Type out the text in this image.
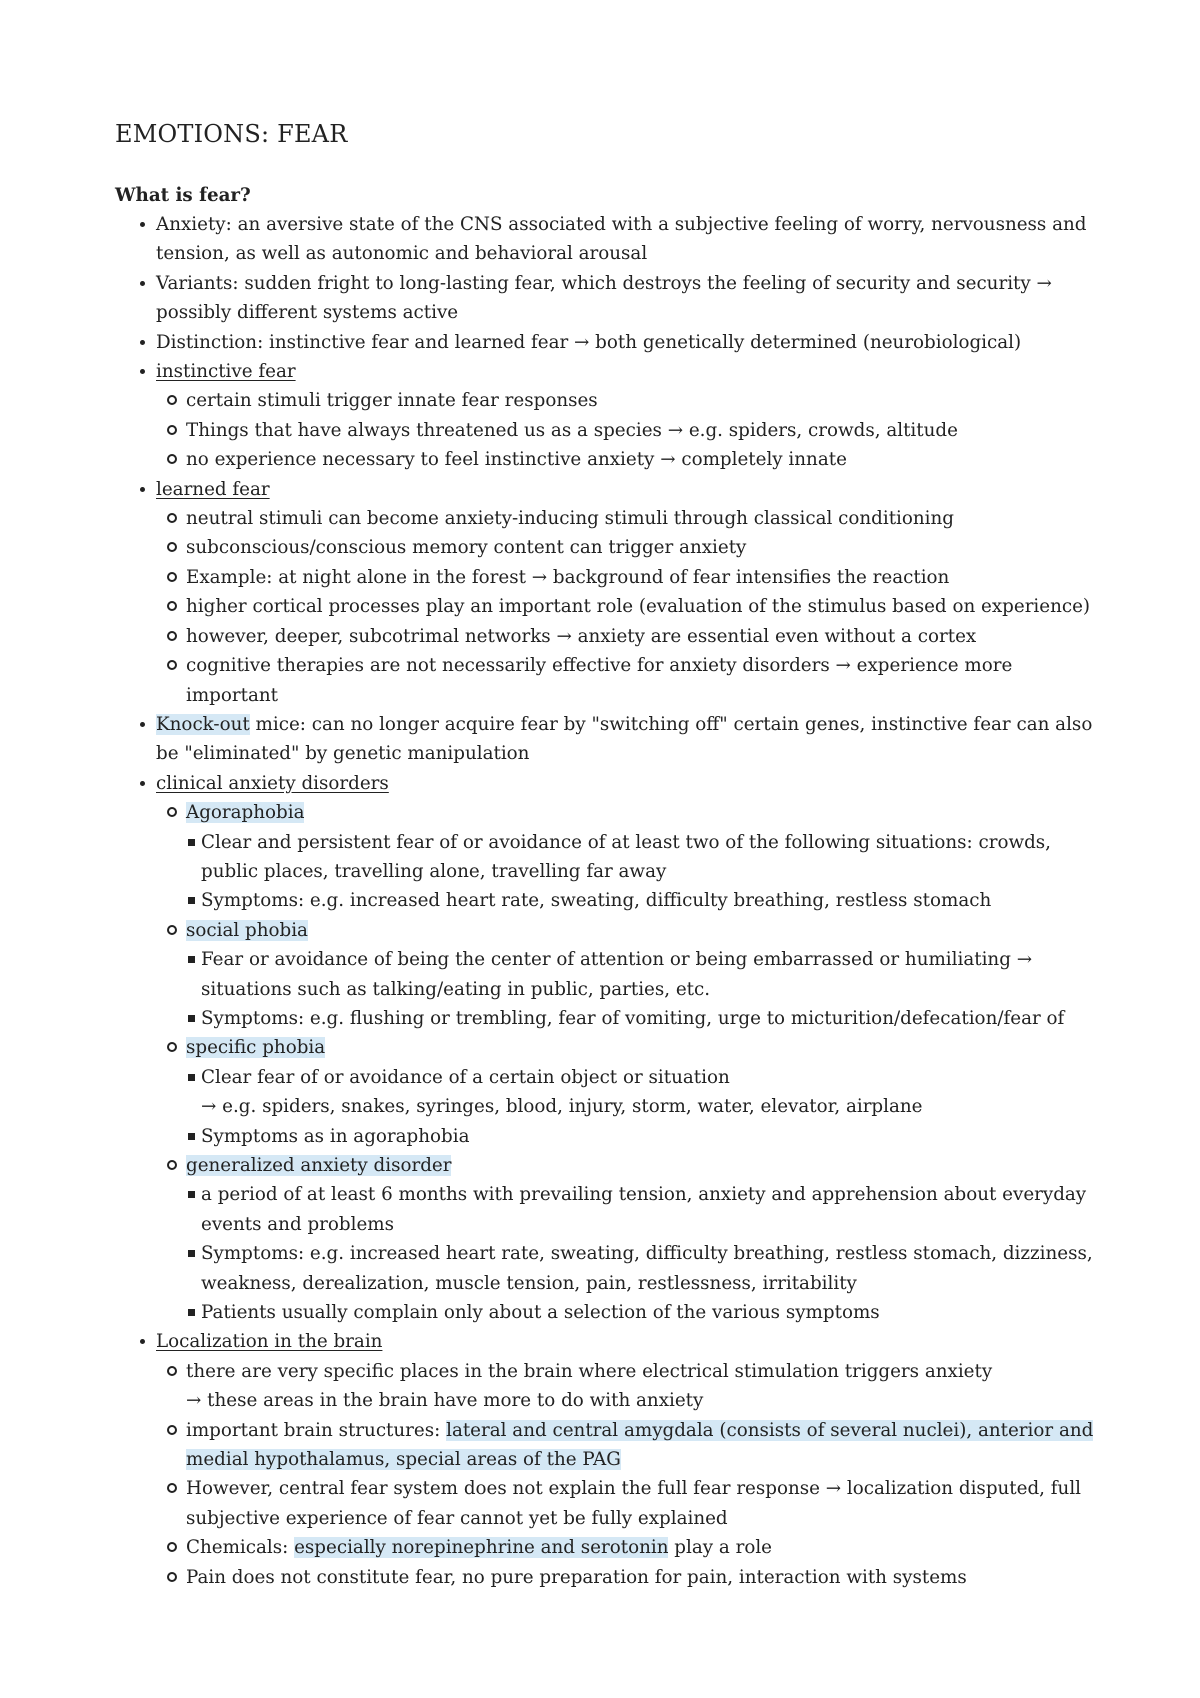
EMOTIONS: FEAR

What is fear?

Anxiety: an aversive state of the CNS associated with a subjective feeling of worry, nervousness and tension, as well as autonomic and behavioral arousal
Variants: sudden fright to long-lasting fear, which destroys the feeling of security and security → possibly different systems active
Distinction: instinctive fear and learned fear → both genetically determined (neurobiological)
instinctive fear
certain stimuli trigger innate fear responses
Things that have always threatened us as a species → e.g. spiders, crowds, altitude
no experience necessary to feel instinctive anxiety → completely innate
learned fear
neutral stimuli can become anxiety-inducing stimuli through classical conditioning
subconscious/conscious memory content can trigger anxiety
Example: at night alone in the forest → background of fear intensifies the reaction
higher cortical processes play an important role (evaluation of the stimulus based on experience)
however, deeper, subcotrimal networks → anxiety are essential even without a cortex
cognitive therapies are not necessarily effective for anxiety disorders → experience more important
Knock-out mice: can no longer acquire fear by "switching off" certain genes, instinctive fear can also be "eliminated" by genetic manipulation
clinical anxiety disorders
Agoraphobia
Clear and persistent fear of or avoidance of at least two of the following situations: crowds, public places, travelling alone, travelling far away
Symptoms: e.g. increased heart rate, sweating, difficulty breathing, restless stomach
social phobia
Fear or avoidance of being the center of attention or being embarrassed or humiliating → situations such as talking/eating in public, parties, etc.
Symptoms: e.g. flushing or trembling, fear of vomiting, urge to micturition/defecation/fear of
specific phobia
Clear fear of or avoidance of a certain object or situation
→ e.g. spiders, snakes, syringes, blood, injury, storm, water, elevator, airplane
Symptoms as in agoraphobia
generalized anxiety disorder
a period of at least 6 months with prevailing tension, anxiety and apprehension about everyday events and problems
Symptoms: e.g. increased heart rate, sweating, difficulty breathing, restless stomach, dizziness, weakness, derealization, muscle tension, pain, restlessness, irritability
Patients usually complain only about a selection of the various symptoms
Localization in the brain
there are very specific places in the brain where electrical stimulation triggers anxiety
→ these areas in the brain have more to do with anxiety
important brain structures: lateral and central amygdala (consists of several nuclei), anterior and medial hypothalamus, special areas of the PAG
However, central fear system does not explain the full fear response → localization disputed, full subjective experience of fear cannot yet be fully explained
Chemicals: especially norepinephrine and serotonin play a role
Pain does not constitute fear, no pure preparation for pain, interaction with systems
